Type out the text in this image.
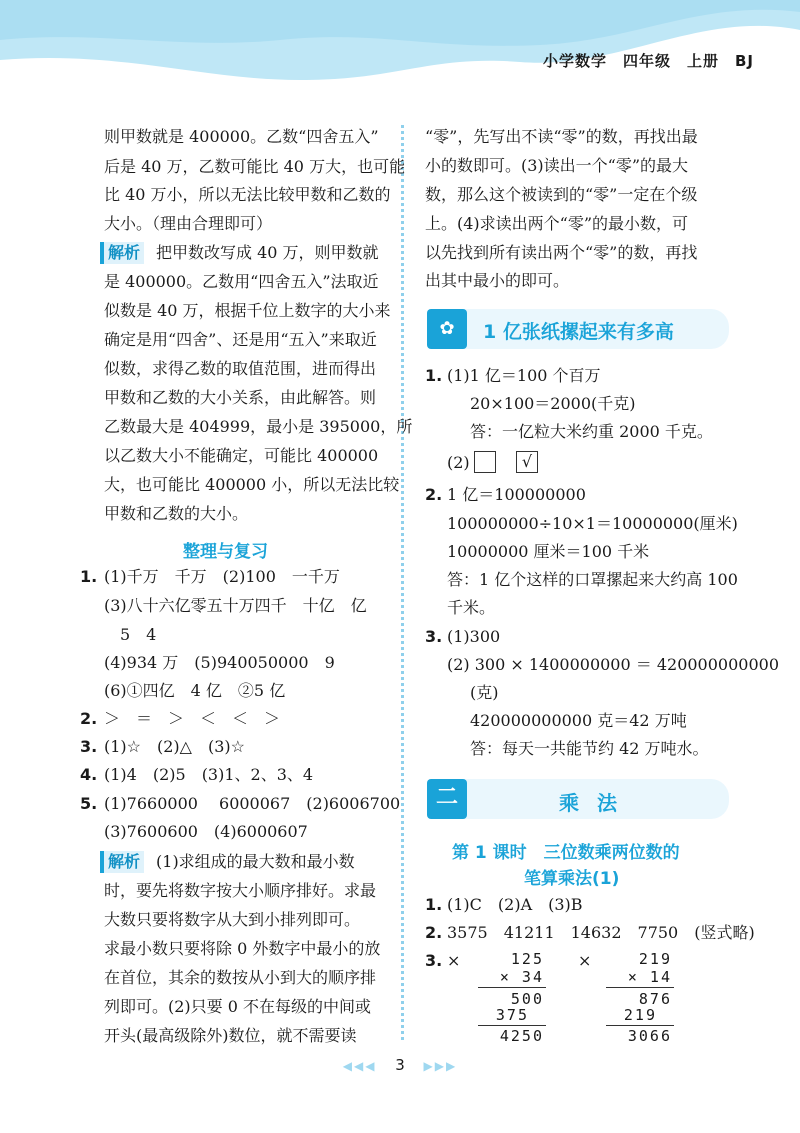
小学数学　四年级　上册　BJ
则甲数就是 400000。乙数“四舍五入”
后是 40 万，乙数可能比 40 万大，也可能
比 40 万小，所以无法比较甲数和乙数的
大小。（理由合理即可）
解析 把甲数改写成 40 万，则甲数就
是 400000。乙数用“四舍五入”法取近
似数是 40 万，根据千位上数字的大小来
确定是用“四舍”、还是用“五入”来取近
似数，求得乙数的取值范围，进而得出
甲数和乙数的大小关系，由此解答。则
乙数最大是 404999，最小是 395000，所
以乙数大小不能确定，可能比 400000
大，也可能比 400000 小，所以无法比较
甲数和乙数的大小。
整理与复习
1. (1)千万　千万　(2)100　一千万
(3)八十六亿零五十万四千　十亿　亿
　5　4
(4)934 万　(5)940050000　9
(6)①四亿　4 亿　②5 亿
2. ＞　＝　＞　＜　＜　＞
3. (1)☆　(2)△　(3)☆
4. (1)4　(2)5　(3)1、2、3、4
5. (1)7660000　 6000067　(2)6006700
(3)7600600　(4)6000607
解析 (1)求组成的最大数和最小数
时，要先将数字按大小顺序排好。求最
大数只要将数字从大到小排列即可。
求最小数只要将除 0 外数字中最小的放
在首位，其余的数按从小到大的顺序排
列即可。(2)只要 0 不在每级的中间或
开头(最高级除外)数位，就不需要读
“零”，先写出不读“零”的数，再找出最
小的数即可。(3)读出一个“零”的最大
数，那么这个被读到的“零”一定在个级
上。(4)求读出两个“零”的最小数，可
以先找到所有读出两个“零”的数，再找
出其中最小的即可。
✿	1 亿张纸摞起来有多高
1. (1)1 亿＝100 个百万
20×100＝2000(千克)
答：一亿粒大米约重 2000 千克。
(2)	√
2. 1 亿＝100000000
100000000÷10×1＝10000000(厘米)
10000000 厘米＝100 千米
答：1 亿个这样的口罩摞起来大约高 100
千米。
3. (1)300
(2) 300 × 1400000000 ＝ 420000000000
(克)
420000000000 克＝42 万吨
答：每天一共能节约 42 万吨水。
二	乘法
第 1 课时　三位数乘两位数的
笔算乘法(1)
1. (1)C　(2)A　(3)B
2. 3575　41211　14632　7750　(竖式略)
3. ×	×
125
× 34
500
375
4250
219
× 14
876
219
3066
◀◀◀ 3 ▶▶▶
